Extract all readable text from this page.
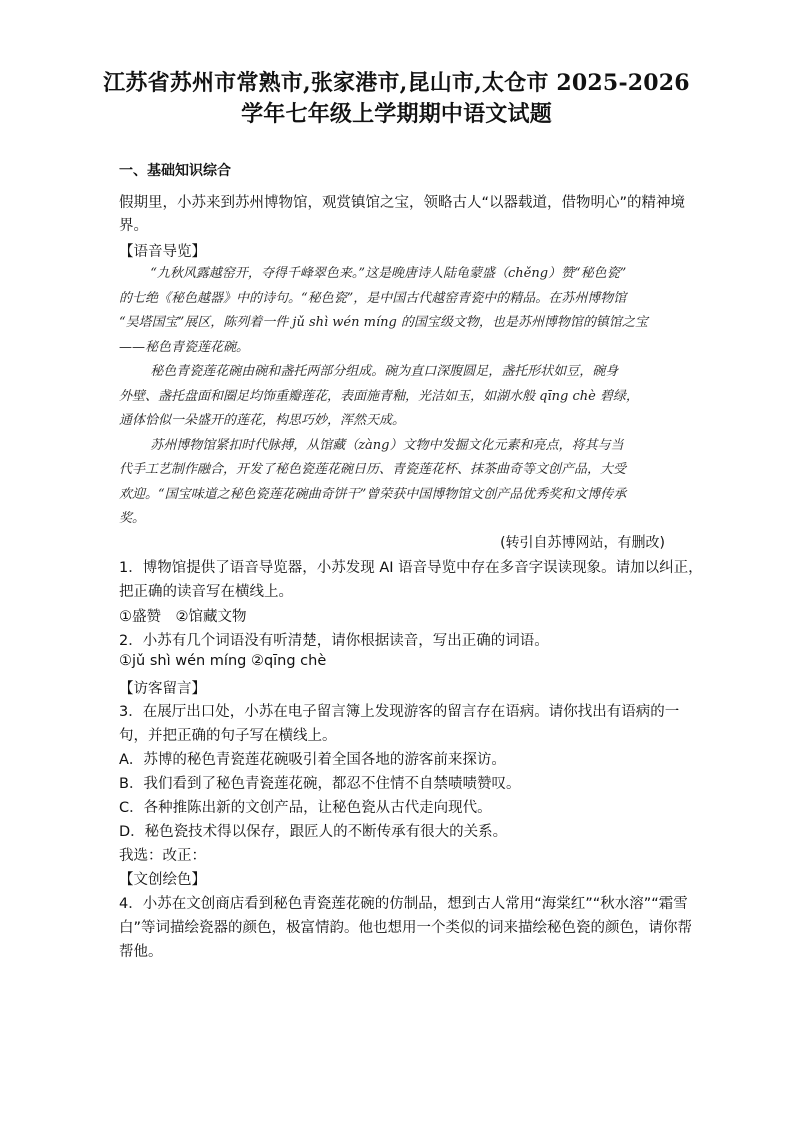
江苏省苏州市常熟市,张家港市,昆山市,太仓市 2025-2026
学年七年级上学期期中语文试题
一、基础知识综合
假期里，小苏来到苏州博物馆，观赏镇馆之宝，领略古人“以器载道，借物明心”的精神境
界。
【语音导览】

“九秋风露越窑开，夺得千峰翠色来。”这是晚唐诗人陆龟蒙盛（chěng）赞“秘色瓷”

的七绝《秘色越器》中的诗句。“秘色瓷”，是中国古代越窑青瓷中的精品。在苏州博物馆

“吴塔国宝”展区，陈列着一件 jǔ shì wén míng 的国宝级文物，也是苏州博物馆的镇馆之宝

——秘色青瓷莲花碗。

秘色青瓷莲花碗由碗和盏托两部分组成。碗为直口深腹圆足，盏托形状如豆，碗身

外壁、盏托盘面和圈足均饰重瓣莲花，表面施青釉，光洁如玉，如湖水般 qīng chè 碧绿，

通体恰似一朵盛开的莲花，构思巧妙，浑然天成。

苏州博物馆紧扣时代脉搏，从馆藏（zàng）文物中发掘文化元素和亮点，将其与当

代手工艺制作融合，开发了秘色瓷莲花碗日历、青瓷莲花杯、抹茶曲奇等文创产品，大受

欢迎。“国宝味道之秘色瓷莲花碗曲奇饼干”曾荣获中国博物馆文创产品优秀奖和文博传承

奖。

(转引自苏博网站，有删改)
1．博物馆提供了语音导览器，小苏发现 AI 语音导览中存在多音字误读现象。请加以纠正，
把正确的读音写在横线上。
①盛赞　②馆藏文物
2．小苏有几个词语没有听清楚，请你根据读音，写出正确的词语。
①jǔ shì wén míng ②qīng chè
【访客留言】
3．在展厅出口处，小苏在电子留言簿上发现游客的留言存在语病。请你找出有语病的一
句，并把正确的句子写在横线上。
A．苏博的秘色青瓷莲花碗吸引着全国各地的游客前来探访。
B．我们看到了秘色青瓷莲花碗，都忍不住情不自禁啧啧赞叹。
C．各种推陈出新的文创产品，让秘色瓷从古代走向现代。
D．秘色瓷技术得以保存，跟匠人的不断传承有很大的关系。
我选：改正：
【文创绘色】
4．小苏在文创商店看到秘色青瓷莲花碗的仿制品，想到古人常用“海棠红”“秋水溶”“霜雪
白”等词描绘瓷器的颜色，极富情韵。他也想用一个类似的词来描绘秘色瓷的颜色，请你帮
帮他。
